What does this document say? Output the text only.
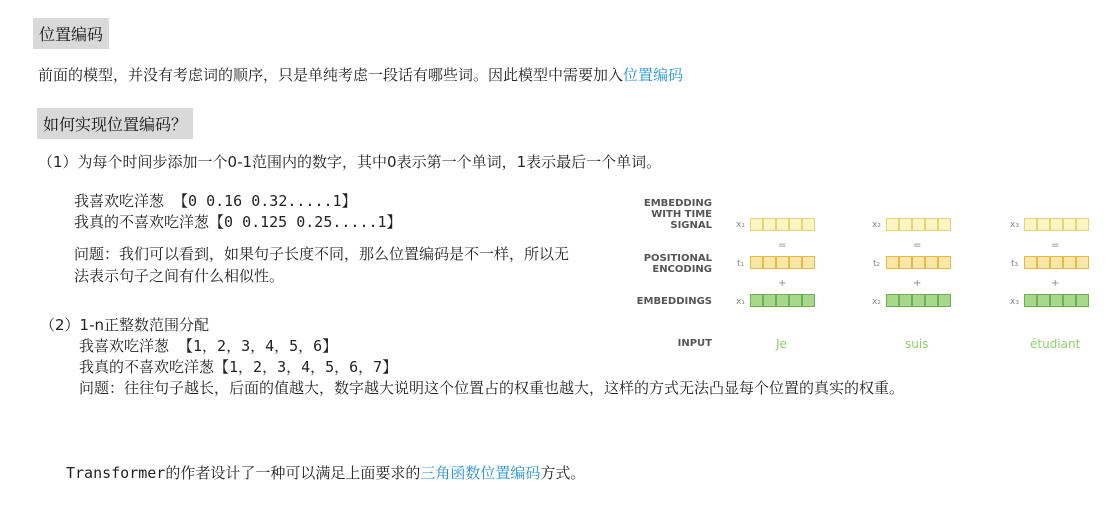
位置编码
前面的模型，并没有考虑词的顺序，只是单纯考虑一段话有哪些词。因此模型中需要加入位置编码
如何实现位置编码？
（1）为每个时间步添加一个0-1范围内的数字，其中0表示第一个单词，1表示最后一个单词。
我喜欢吃洋葱 【0 0.16 0.32.....1】
我真的不喜欢吃洋葱【0 0.125 0.25.....1】
问题：我们可以看到，如果句子长度不同，那么位置编码是不一样，所以无
法表示句子之间有什么相似性。
（2）1-n正整数范围分配
我喜欢吃洋葱 【1，2，3，4，5，6】
我真的不喜欢吃洋葱【1，2，3，4，5，6，7】
问题：往往句子越长，后面的值越大，数字越大说明这个位置占的权重也越大，这样的方式无法凸显每个位置的真实的权重。
EMBEDDING
WITH TIME
SIGNAL
POSITIONAL
ENCODING
EMBEDDINGS
INPUT
x₁
=
t₁
+
x₁
Je
x₂
=
t₂
+
x₂
suis
x₃
=
t₃
+
x₃
étudiant
Transformer的作者设计了一种可以满足上面要求的三角函数位置编码方式。
